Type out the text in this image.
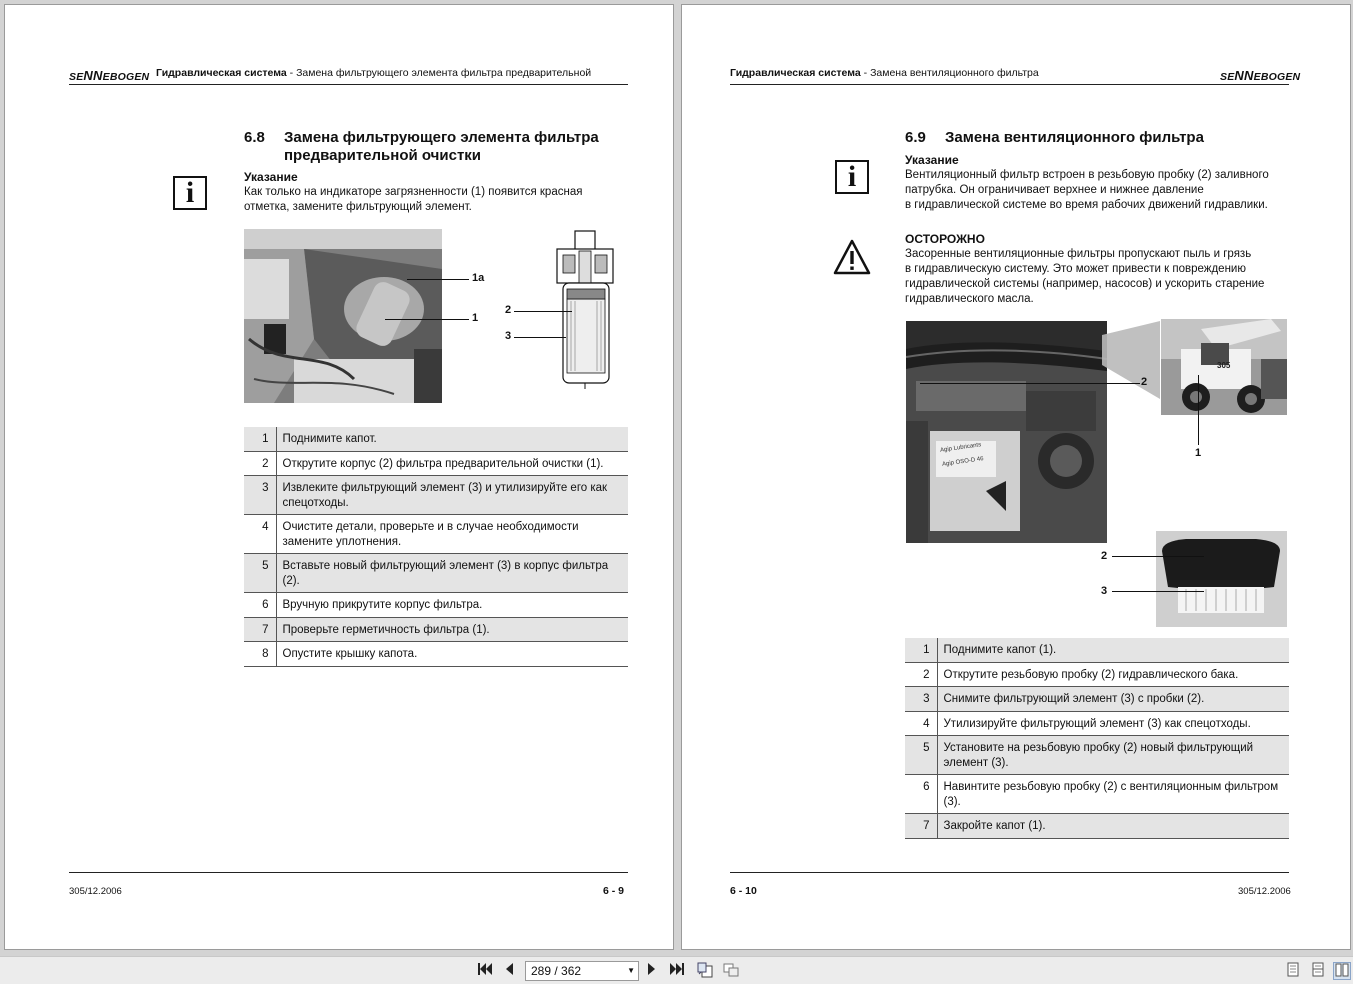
SENNEBOGEN Гидравлическая система - Замена фильтрующего элемента фильтра предварительной
6.8 Замена фильтрующего элемента фильтра
предварительной очистки
i	Указание
Как только на индикаторе загрязненности (1) появится красная
отметка, замените фильтрующий элемент.
1a
1
2
3
1	Поднимите капот.
2	Открутите корпус (2) фильтра предварительной очистки (1).
3	Извлеките фильтрующий элемент (3) и утилизируйте его как спецотходы.
4	Очистите детали, проверьте и в случае необходимости замените уплотнения.
5	Вставьте новый фильтрующий элемент (3) в корпус фильтра (2).
6	Вручную прикрутите корпус фильтра.
7	Проверьте герметичность фильтра (1).
8	Опустите крышку капота.
305/12.2006	6 - 9
Гидравлическая система - Замена вентиляционного фильтра	SENNEBOGEN
6.9 Замена вентиляционного фильтра
i	Указание
Вентиляционный фильтр встроен в резьбовую пробку (2) заливного
патрубка. Он ограничивает верхнее и нижнее давление
в гидравлической системе во время рабочих движений гидравлики.
ОСТОРОЖНО
Засоренные вентиляционные фильтры пропускают пыль и грязь
в гидравлическую систему. Это может привести к повреждению
гидравлической системы (например, насосов) и ускорить старение
гидравлического масла.
Agip Lubricants
Agip OSO-D 46
2
305
1
2
3
1	Поднимите капот (1).
2	Открутите резьбовую пробку (2) гидравлического бака.
3	Снимите фильтрующий элемент (3) с пробки (2).
4	Утилизируйте фильтрующий элемент (3) как спецотходы.
5	Установите на резьбовую пробку (2) новый фильтрующий элемент (3).
6	Навинтите резьбовую пробку (2) с вентиляционным фильтром (3).
7	Закройте капот (1).
6 - 10	305/12.2006
289 / 362	▼
